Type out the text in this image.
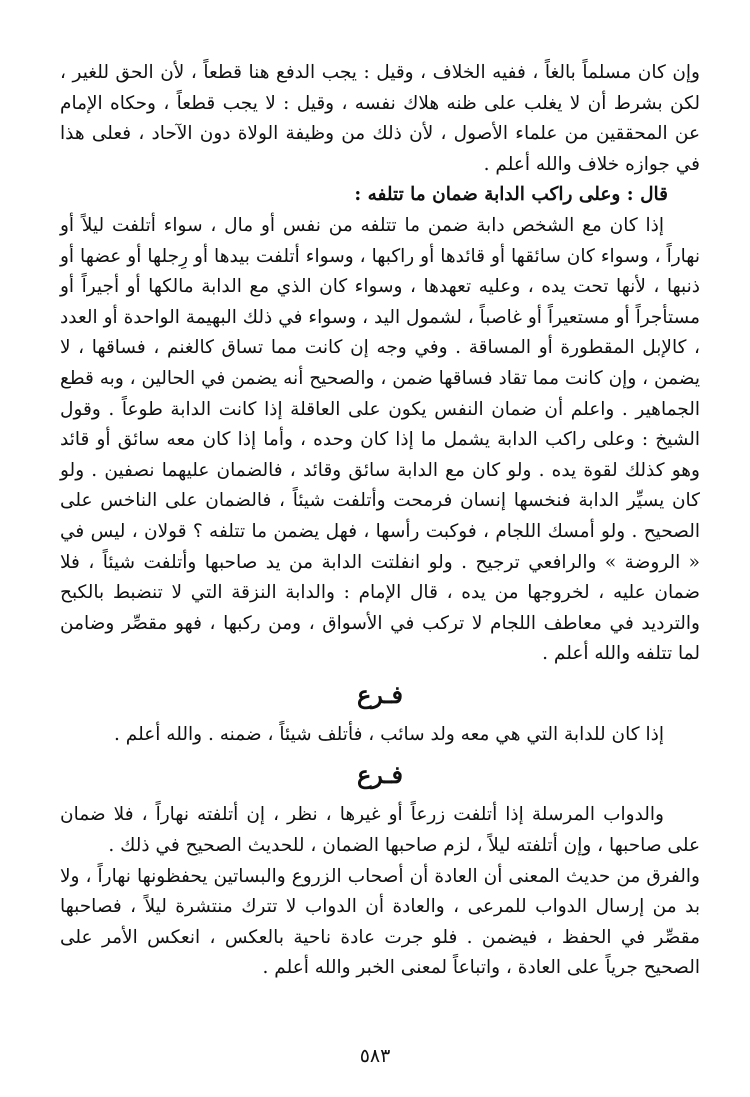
وإن كان مسلماً بالغاً ، ففيه الخلاف ، وقيل : يجب الدفع هنا قطعاً ، لأن الحق للغير ، لكن بشرط أن لا يغلب على ظنه هلاك نفسه ، وقيل : لا يجب قطعاً ، وحكاه الإمام عن المحققين من علماء الأصول ، لأن ذلك من وظيفة الولاة دون الآحاد ، فعلى هذا في جوازه خلاف والله أعلم .

قال : وعلى راكب الدابة ضمان ما تتلفه :

إذا كان مع الشخص دابة ضمن ما تتلفه من نفس أو مال ، سواء أتلفت ليلاً أو نهاراً ، وسواء كان سائقها أو قائدها أو راكبها ، وسواء أتلفت بيدها أو رِجلها أو عضها أو ذنبها ، لأنها تحت يده ، وعليه تعهدها ، وسواء كان الذي مع الدابة مالكها أو أجيراً أو مستأجراً أو مستعيراً أو غاصباً ، لشمول اليد ، وسواء في ذلك البهيمة الواحدة أو العدد ، كالإبل المقطورة أو المساقة . وفي وجه إن كانت مما تساق كالغنم ، فساقها ، لا يضمن ، وإن كانت مما تقاد فساقها ضمن ، والصحيح أنه يضمن في الحالين ، وبه قطع الجماهير . واعلم أن ضمان النفس يكون على العاقلة إذا كانت الدابة طوعاً . وقول الشيخ : وعلى راكب الدابة يشمل ما إذا كان وحده ، وأما إذا كان معه سائق أو قائد وهو كذلك لقوة يده . ولو كان مع الدابة سائق وقائد ، فالضمان عليهما نصفين . ولو كان يسيِّر الدابة فنخسها إنسان فرمحت وأتلفت شيئاً ، فالضمان على الناخس على الصحيح . ولو أمسك اللجام ، فوكبت رأسها ، فهل يضمن ما تتلفه ؟ قولان ، ليس في « الروضة » والرافعي ترجيح . ولو انفلتت الدابة من يد صاحبها وأتلفت شيئاً ، فلا ضمان عليه ، لخروجها من يده ، قال الإمام : والدابة النزقة التي لا تنضبط بالكبح والترديد في معاطف اللجام لا تركب في الأسواق ، ومن ركبها ، فهو مقصِّر وضامن لما تتلفه والله أعلم .

فـرع

إذا كان للدابة التي هي معه ولد سائب ، فأتلف شيئاً ، ضمنه . والله أعلم .

فـرع

والدواب المرسلة إذا أتلفت زرعاً أو غيرها ، نظر ، إن أتلفته نهاراً ، فلا ضمان على صاحبها ، وإن أتلفته ليلاً ، لزم صاحبها الضمان ، للحديث الصحيح في ذلك .

والفرق من حديث المعنى أن العادة أن أصحاب الزروع والبساتين يحفظونها نهاراً ، ولا بد من إرسال الدواب للمرعى ، والعادة أن الدواب لا تترك منتشرة ليلاً ، فصاحبها مقصِّر في الحفظ ، فيضمن . فلو جرت عادة ناحية بالعكس ، انعكس الأمر على الصحيح جرياً على العادة ، واتباعاً لمعنى الخبر والله أعلم .

٥٨٣
